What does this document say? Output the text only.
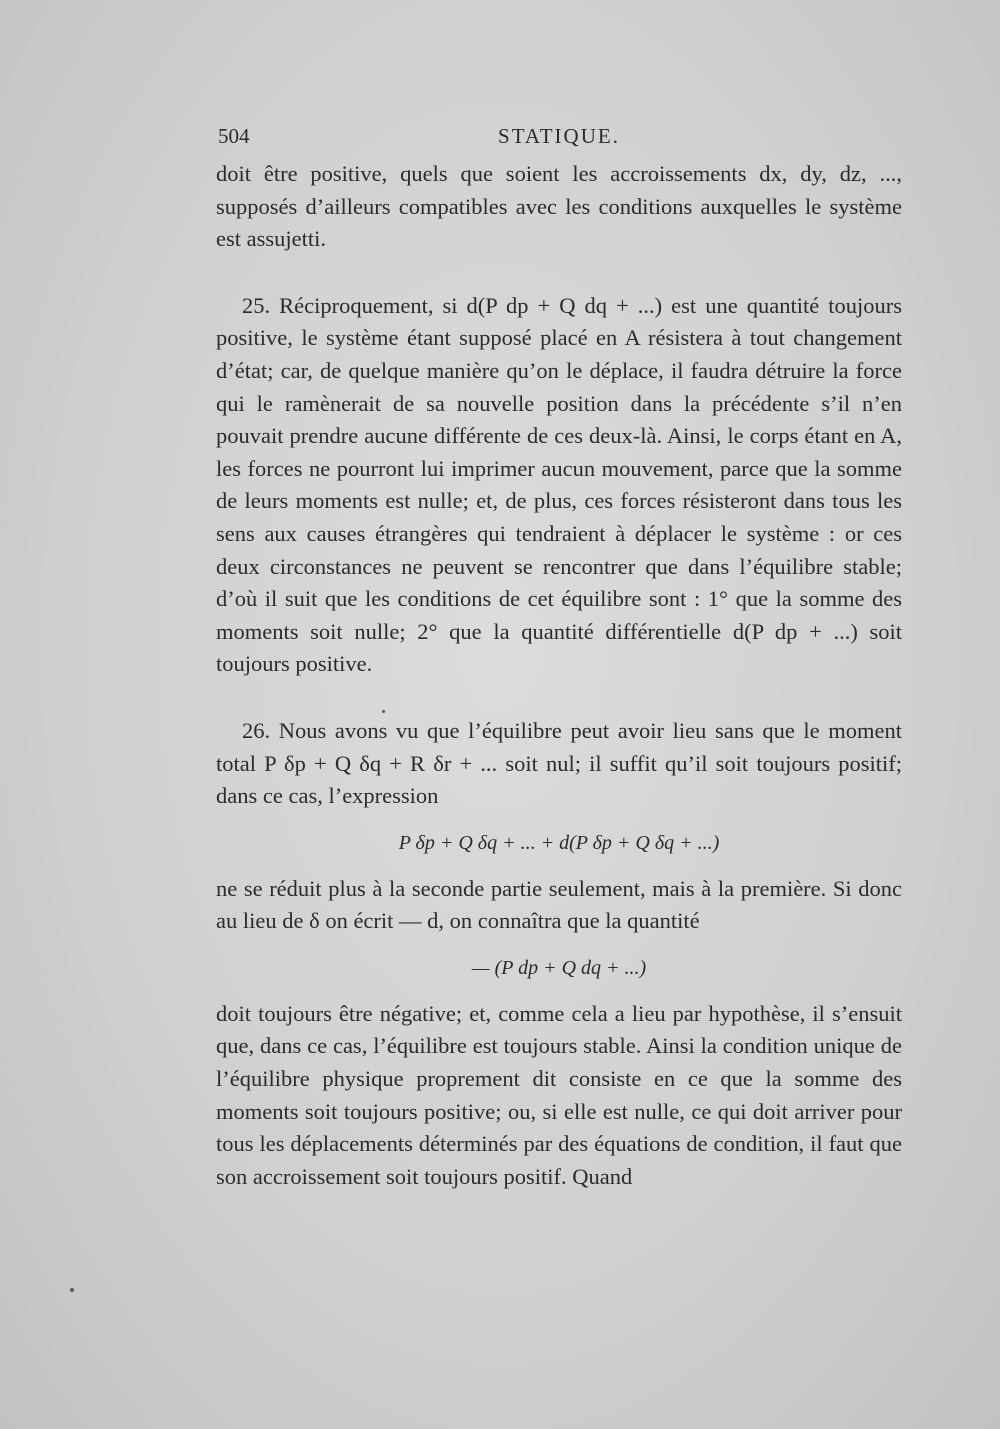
504	STATIQUE.

doit être positive, quels que soient les accroissements dx, dy, dz, ..., supposés d’ailleurs compatibles avec les conditions auxquelles le système est assujetti.

25. Réciproquement, si d(P dp + Q dq + ...) est une quantité toujours positive, le système étant supposé placé en A résistera à tout changement d’état; car, de quelque manière qu’on le déplace, il faudra détruire la force qui le ramènerait de sa nouvelle position dans la précédente s’il n’en pouvait prendre aucune différente de ces deux-là. Ainsi, le corps étant en A, les forces ne pourront lui imprimer aucun mouvement, parce que la somme de leurs moments est nulle; et, de plus, ces forces résisteront dans tous les sens aux causes étrangères qui tendraient à déplacer le système : or ces deux circonstances ne peuvent se rencontrer que dans l’équilibre stable; d’où il suit que les conditions de cet équilibre sont : 1° que la somme des moments soit nulle; 2° que la quantité différentielle d(P dp + ...) soit toujours positive.

26. Nous avons vu que l’équilibre peut avoir lieu sans que le moment total P δp + Q δq + R δr + ... soit nul; il suffit qu’il soit toujours positif; dans ce cas, l’expression

P δp + Q δq + ... + d(P δp + Q δq + ...)

ne se réduit plus à la seconde partie seulement, mais à la première. Si donc au lieu de δ on écrit — d, on connaîtra que la quantité

— (P dp + Q dq + ...)

doit toujours être négative; et, comme cela a lieu par hypothèse, il s’ensuit que, dans ce cas, l’équilibre est toujours stable. Ainsi la condition unique de l’équilibre physique proprement dit consiste en ce que la somme des moments soit toujours positive; ou, si elle est nulle, ce qui doit arriver pour tous les déplacements déterminés par des équations de condition, il faut que son accroissement soit toujours positif. Quand
